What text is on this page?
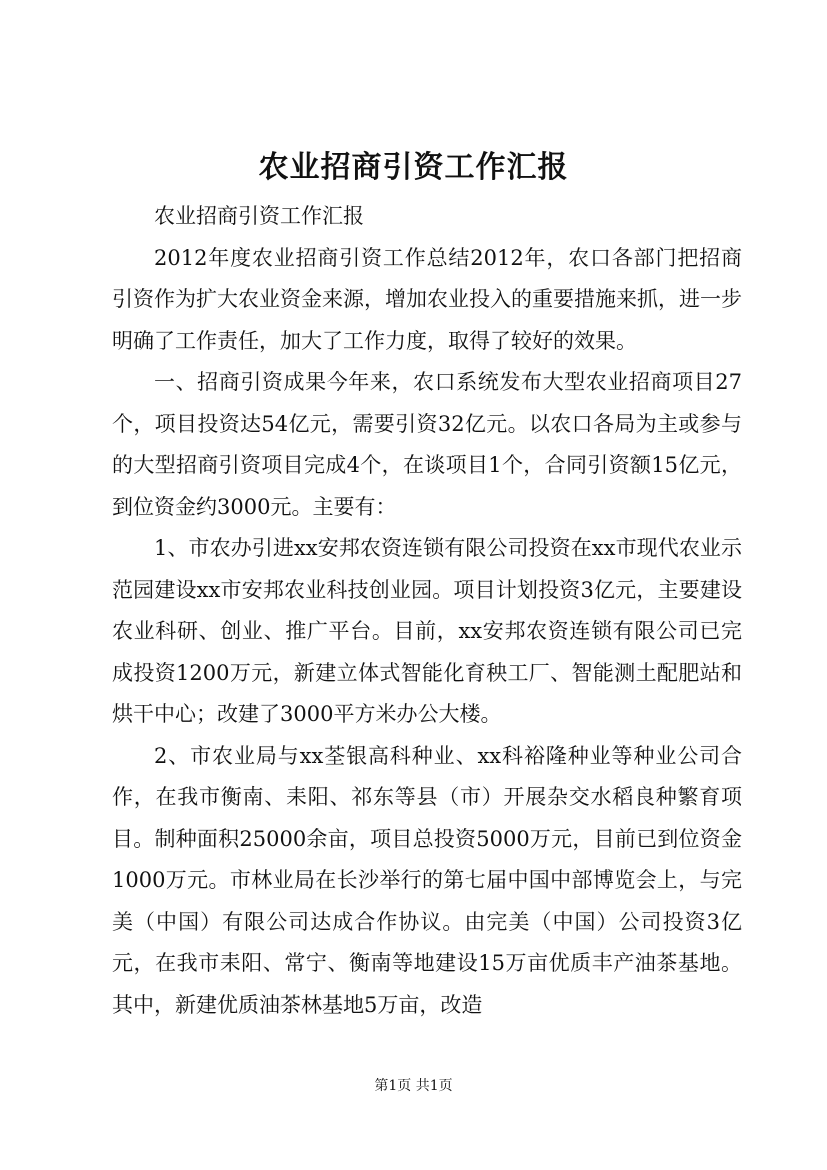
农业招商引资工作汇报

农业招商引资工作汇报

2012年度农业招商引资工作总结2012年，农口各部门把招商引资作为扩大农业资金来源，增加农业投入的重要措施来抓，进一步明确了工作责任，加大了工作力度，取得了较好的效果。

一、招商引资成果今年来，农口系统发布大型农业招商项目27个，项目投资达54亿元，需要引资32亿元。以农口各局为主或参与的大型招商引资项目完成4个，在谈项目1个，合同引资额15亿元，到位资金约3000元。主要有：

1、市农办引进xx安邦农资连锁有限公司投资在xx市现代农业示范园建设xx市安邦农业科技创业园。项目计划投资3亿元，主要建设农业科研、创业、推广平台。目前，xx安邦农资连锁有限公司已完成投资1200万元，新建立体式智能化育秧工厂、智能测土配肥站和烘干中心；改建了3000平方米办公大楼。

2、市农业局与xx荃银高科种业、xx科裕隆种业等种业公司合作，在我市衡南、耒阳、祁东等县（市）开展杂交水稻良种繁育项目。制种面积25000余亩，项目总投资5000万元，目前已到位资金1000万元。市林业局在长沙举行的第七届中国中部博览会上，与完美（中国）有限公司达成合作协议。由完美（中国）公司投资3亿元，在我市耒阳、常宁、衡南等地建设15万亩优质丰产油茶基地。其中，新建优质油茶林基地5万亩，改造

第1页 共1页
